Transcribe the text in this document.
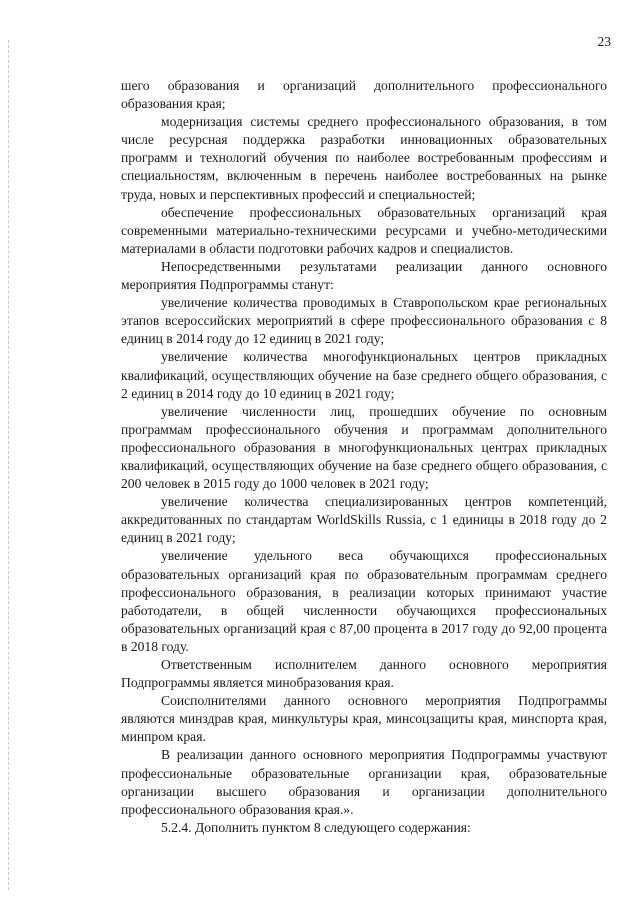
23

шего образования и организаций дополнительного профессионального образования края;

модернизация системы среднего профессионального образования, в том числе ресурсная поддержка разработки инновационных образовательных программ и технологий обучения по наиболее востребованным профессиям и специальностям, включенным в перечень наиболее востребованных на рынке труда, новых и перспективных профессий и специальностей;

обеспечение профессиональных образовательных организаций края современными материально-техническими ресурсами и учебно-методическими материалами в области подготовки рабочих кадров и специалистов.

Непосредственными результатами реализации данного основного мероприятия Подпрограммы станут:

увеличение количества проводимых в Ставропольском крае региональных этапов всероссийских мероприятий в сфере профессионального образования с 8 единиц в 2014 году до 12 единиц в 2021 году;

увеличение количества многофункциональных центров прикладных квалификаций, осуществляющих обучение на базе среднего общего образования, с 2 единиц в 2014 году до 10 единиц в 2021 году;

увеличение численности лиц, прошедших обучение по основным программам профессионального обучения и программам дополнительного профессионального образования в многофункциональных центрах прикладных квалификаций, осуществляющих обучение на базе среднего общего образования, с 200 человек в 2015 году до 1000 человек в 2021 году;

увеличение количества специализированных центров компетенций, аккредитованных по стандартам WorldSkills Russia, с 1 единицы в 2018 году до 2 единиц в 2021 году;

увеличение удельного веса обучающихся профессиональных образовательных организаций края по образовательным программам среднего профессионального образования, в реализации которых принимают участие работодатели, в общей численности обучающихся профессиональных образовательных организаций края с 87,00 процента в 2017 году до 92,00 процента в 2018 году.

Ответственным исполнителем данного основного мероприятия Подпрограммы является минобразования края.

Соисполнителями данного основного мероприятия Подпрограммы являются минздрав края, минкультуры края, минсоцзащиты края, минспорта края, минпром края.

В реализации данного основного мероприятия Подпрограммы участвуют профессиональные образовательные организации края, образовательные организации высшего образования и организации дополнительного профессионального образования края.».

5.2.4. Дополнить пунктом 8 следующего содержания:
